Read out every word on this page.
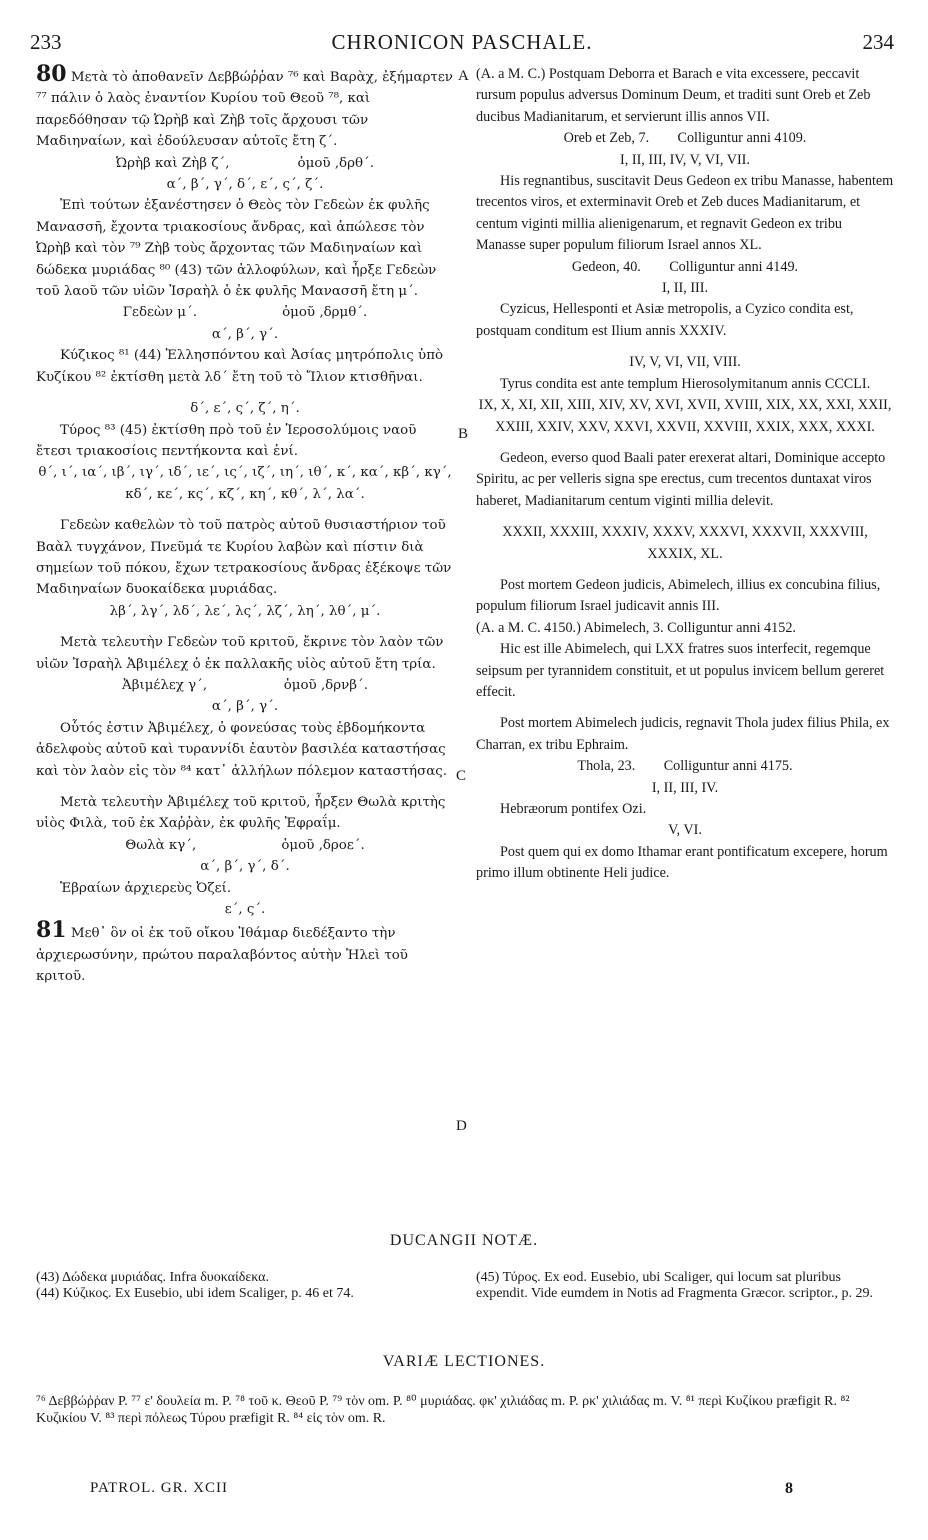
233	CHRONICON PASCHALE.	234
A
B
C
D

80 Μετὰ τὸ ἀποθανεῖν Δεββώῤῥαν ⁷⁶ καὶ Βαρὰχ, ἐξήμαρτεν ⁷⁷ πάλιν ὁ λαὸς ἐναντίον Κυρίου τοῦ Θεοῦ ⁷⁸, καὶ παρεδόθησαν τῷ Ὠρὴβ καὶ Ζὴβ τοῖς ἄρχουσι τῶν Μαδιηναίων, καὶ ἐδούλευσαν αὐτοῖς ἔτη ζ΄.

Ὠρὴβ καὶ Ζὴβ ζ΄,                ὁμοῦ ‚δρθ΄.

α΄, β΄, γ΄, δ΄, ε΄, ς΄, ζ΄.

Ἐπὶ τούτων ἐξανέστησεν ὁ Θεὸς τὸν Γεδεὼν ἐκ φυλῆς Μανασσῆ, ἔχοντα τριακοσίους ἄνδρας, καὶ ἀπώλεσε τὸν Ὠρὴβ καὶ τὸν ⁷⁹ Ζὴβ τοὺς ἄρχοντας τῶν Μαδιηναίων καὶ δώδεκα μυριάδας ⁸⁰ (43) τῶν ἀλλοφύλων, καὶ ἦρξε Γεδεὼν τοῦ λαοῦ τῶν υἱῶν Ἰσραὴλ ὁ ἐκ φυλῆς Μανασσῆ ἔτη μ΄.

Γεδεὼν μ΄.                    ὁμοῦ ‚δρμθ΄.

α΄, β΄, γ΄.

Κύζικος ⁸¹ (44) Ἑλλησπόντου καὶ Ἀσίας μητρόπολις ὑπὸ Κυζίκου ⁸² ἐκτίσθη μετὰ λδ΄ ἔτη τοῦ τὸ Ἴλιον κτισθῆναι.

δ΄, ε΄, ς΄, ζ΄, η΄.

Τύρος ⁸³ (45) ἐκτίσθη πρὸ τοῦ ἐν Ἱεροσολύμοις ναοῦ ἔτεσι τριακοσίοις πεντήκοντα καὶ ἑνί.

θ΄, ι΄, ια΄, ιβ΄, ιγ΄, ιδ΄, ιε΄, ις΄, ιζ΄, ιη΄, ιθ΄, κ΄, κα΄, κβ΄, κγ΄, κδ΄, κε΄, κς΄, κζ΄, κη΄, κθ΄, λ΄, λα΄.

Γεδεὼν καθελὼν τὸ τοῦ πατρὸς αὐτοῦ θυσιαστήριον τοῦ Βαὰλ τυγχάνον, Πνεῦμά τε Κυρίου λαβὼν καὶ πίστιν διὰ σημείων τοῦ πόκου, ἔχων τετρακοσίους ἄνδρας ἐξέκοψε τῶν Μαδιηναίων δυοκαίδεκα μυριάδας.

λβ΄, λγ΄, λδ΄, λε΄, λς΄, λζ΄, λη΄, λθ΄, μ΄.

Μετὰ τελευτὴν Γεδεὼν τοῦ κριτοῦ, ἔκρινε τὸν λαὸν τῶν υἱῶν Ἰσραὴλ Ἀβιμέλεχ ὁ ἐκ παλλακῆς υἱὸς αὐτοῦ ἔτη τρία.

Ἀβιμέλεχ γ΄,                  ὁμοῦ ‚δρνβ΄.

α΄, β΄, γ΄.

Οὗτός ἐστιν Ἀβιμέλεχ, ὁ φονεύσας τοὺς ἑβδομήκοντα ἀδελφοὺς αὐτοῦ καὶ τυραννίδι ἑαυτὸν βασιλέα καταστήσας καὶ τὸν λαὸν εἰς τὸν ⁸⁴ κατ᾽ ἀλλήλων πόλεμον καταστήσας.

Μετὰ τελευτὴν Ἀβιμέλεχ τοῦ κριτοῦ, ἦρξεν Θωλὰ κριτὴς υἱὸς Φιλὰ, τοῦ ἐκ Χαῤῥὰν, ἐκ φυλῆς Ἐφραΐμ.

Θωλὰ κγ΄,                    ὁμοῦ ‚δροε΄.

α΄, β΄, γ΄, δ΄.

Ἑβραίων ἀρχιερεὺς Ὀζεί.

ε΄, ς΄.

81 Μεθ᾽ ὃν οἱ ἐκ τοῦ οἴκου Ἰθάμαρ διεδέξαντο τὴν ἀρχιερωσύνην, πρώτου παραλαβόντος αὐτὴν Ἠλεὶ τοῦ κριτοῦ.

(A. a M. C.) Postquam Deborra et Barach e vita excessere, peccavit rursum populus adversus Dominum Deum, et traditi sunt Oreb et Zeb ducibus Madianitarum, et servierunt illis annos VII.

Oreb et Zeb, 7.        Colliguntur anni 4109.

I, II, III, IV, V, VI, VII.

His regnantibus, suscitavit Deus Gedeon ex tribu Manasse, habentem trecentos viros, et exterminavit Oreb et Zeb duces Madianitarum, et centum viginti millia alienigenarum, et regnavit Gedeon ex tribu Manasse super populum filiorum Israel annos XL.

Gedeon, 40.        Colliguntur anni 4149.

I, II, III.

Cyzicus, Hellesponti et Asiæ metropolis, a Cyzico condita est, postquam conditum est Ilium annis XXXIV.

IV, V, VI, VII, VIII.

Tyrus condita est ante templum Hierosolymitanum annis CCCLI.

IX, X, XI, XII, XIII, XIV, XV, XVI, XVII, XVIII, XIX, XX, XXI, XXII, XXIII, XXIV, XXV, XXVI, XXVII, XXVIII, XXIX, XXX, XXXI.

Gedeon, everso quod Baali pater erexerat altari, Dominique accepto Spiritu, ac per velleris signa spe erectus, cum trecentos duntaxat viros haberet, Madianitarum centum viginti millia delevit.

XXXII, XXXIII, XXXIV, XXXV, XXXVI, XXXVII, XXXVIII, XXXIX, XL.

Post mortem Gedeon judicis, Abimelech, illius ex concubina filius, populum filiorum Israel judicavit annis III.

(A. a M. C. 4150.) Abimelech, 3. Colliguntur anni 4152.

Hic est ille Abimelech, qui LXX fratres suos interfecit, regemque seipsum per tyrannidem constituit, et ut populus invicem bellum gereret effecit.

Post mortem Abimelech judicis, regnavit Thola judex filius Phila, ex Charran, ex tribu Ephraim.

Thola, 23.        Colliguntur anni 4175.

I, II, III, IV.

Hebræorum pontifex Ozi.

V, VI.

Post quem qui ex domo Ithamar erant pontificatum excepere, horum primo illum obtinente Heli judice.

DUCANGII NOTÆ.

(43) Δώδεκα μυριάδας. Infra δυοκαίδεκα.

(44) Κύζικος. Ex Eusebio, ubi idem Scaliger, p. 46 et 74.

(45) Τύρος. Ex eod. Eusebio, ubi Scaliger, qui locum sat pluribus expendit. Vide eumdem in Notis ad Fragmenta Græcor. scriptor., p. 29.

VARIÆ LECTIONES.
⁷⁶ Δεββώῤῥαν P. ⁷⁷ ε' δουλεία m. P. ⁷⁸ τοῦ κ. Θεοῦ P. ⁷⁹ τὸν om. P. ⁸⁰ μυριάδας. φκ' χιλιάδας m. P. ρκ' χιλιάδας m. V. ⁸¹ περὶ Κυζίκου præfigit R. ⁸² Κυζικίου V. ⁸³ περὶ πόλεως Τύρου præfigit R. ⁸⁴ εἰς τὸν om. R.
PATROL. GR. XCII	8
